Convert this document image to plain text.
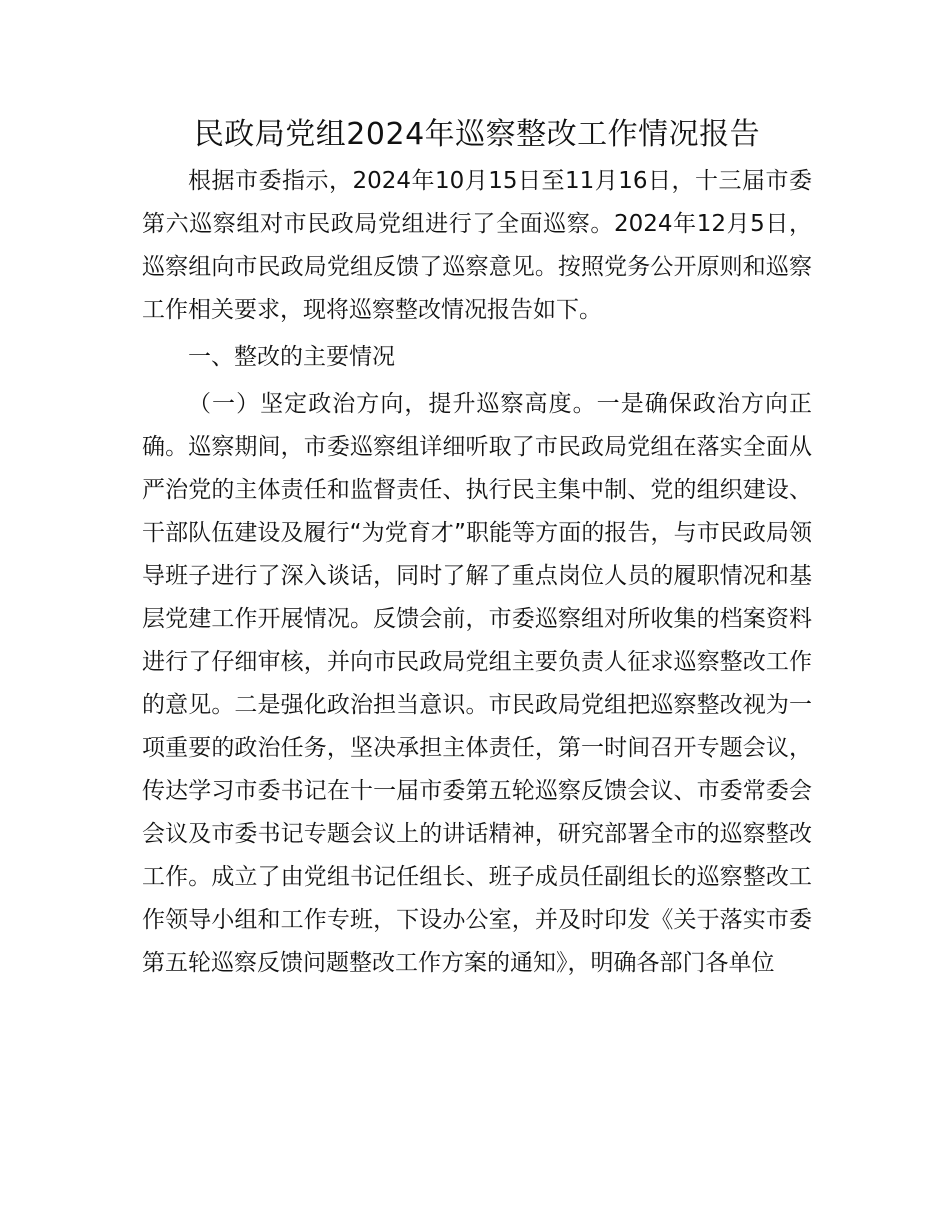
民政局党组2024年巡察整改工作情况报告

根据市委指示，2024年10月15日至11月16日，十三届市委第六巡察组对市民政局党组进行了全面巡察。2024年12月5日，巡察组向市民政局党组反馈了巡察意见。按照党务公开原则和巡察工作相关要求，现将巡察整改情况报告如下。

一、整改的主要情况

（一）坚定政治方向，提升巡察高度。一是确保政治方向正确。巡察期间，市委巡察组详细听取了市民政局党组在落实全面从严治党的主体责任和监督责任、执行民主集中制、党的组织建设、干部队伍建设及履行“为党育才”职能等方面的报告，与市民政局领导班子进行了深入谈话，同时了解了重点岗位人员的履职情况和基层党建工作开展情况。反馈会前，市委巡察组对所收集的档案资料进行了仔细审核，并向市民政局党组主要负责人征求巡察整改工作的意见。二是强化政治担当意识。市民政局党组把巡察整改视为一项重要的政治任务，坚决承担主体责任，第一时间召开专题会议，传达学习市委书记在十一届市委第五轮巡察反馈会议、市委常委会会议及市委书记专题会议上的讲话精神，研究部署全市的巡察整改工作。成立了由党组书记任组长、班子成员任副组长的巡察整改工作领导小组和工作专班，下设办公室，并及时印发《关于落实市委第五轮巡察反馈问题整改工作方案的通知》，明确各部门各单位
